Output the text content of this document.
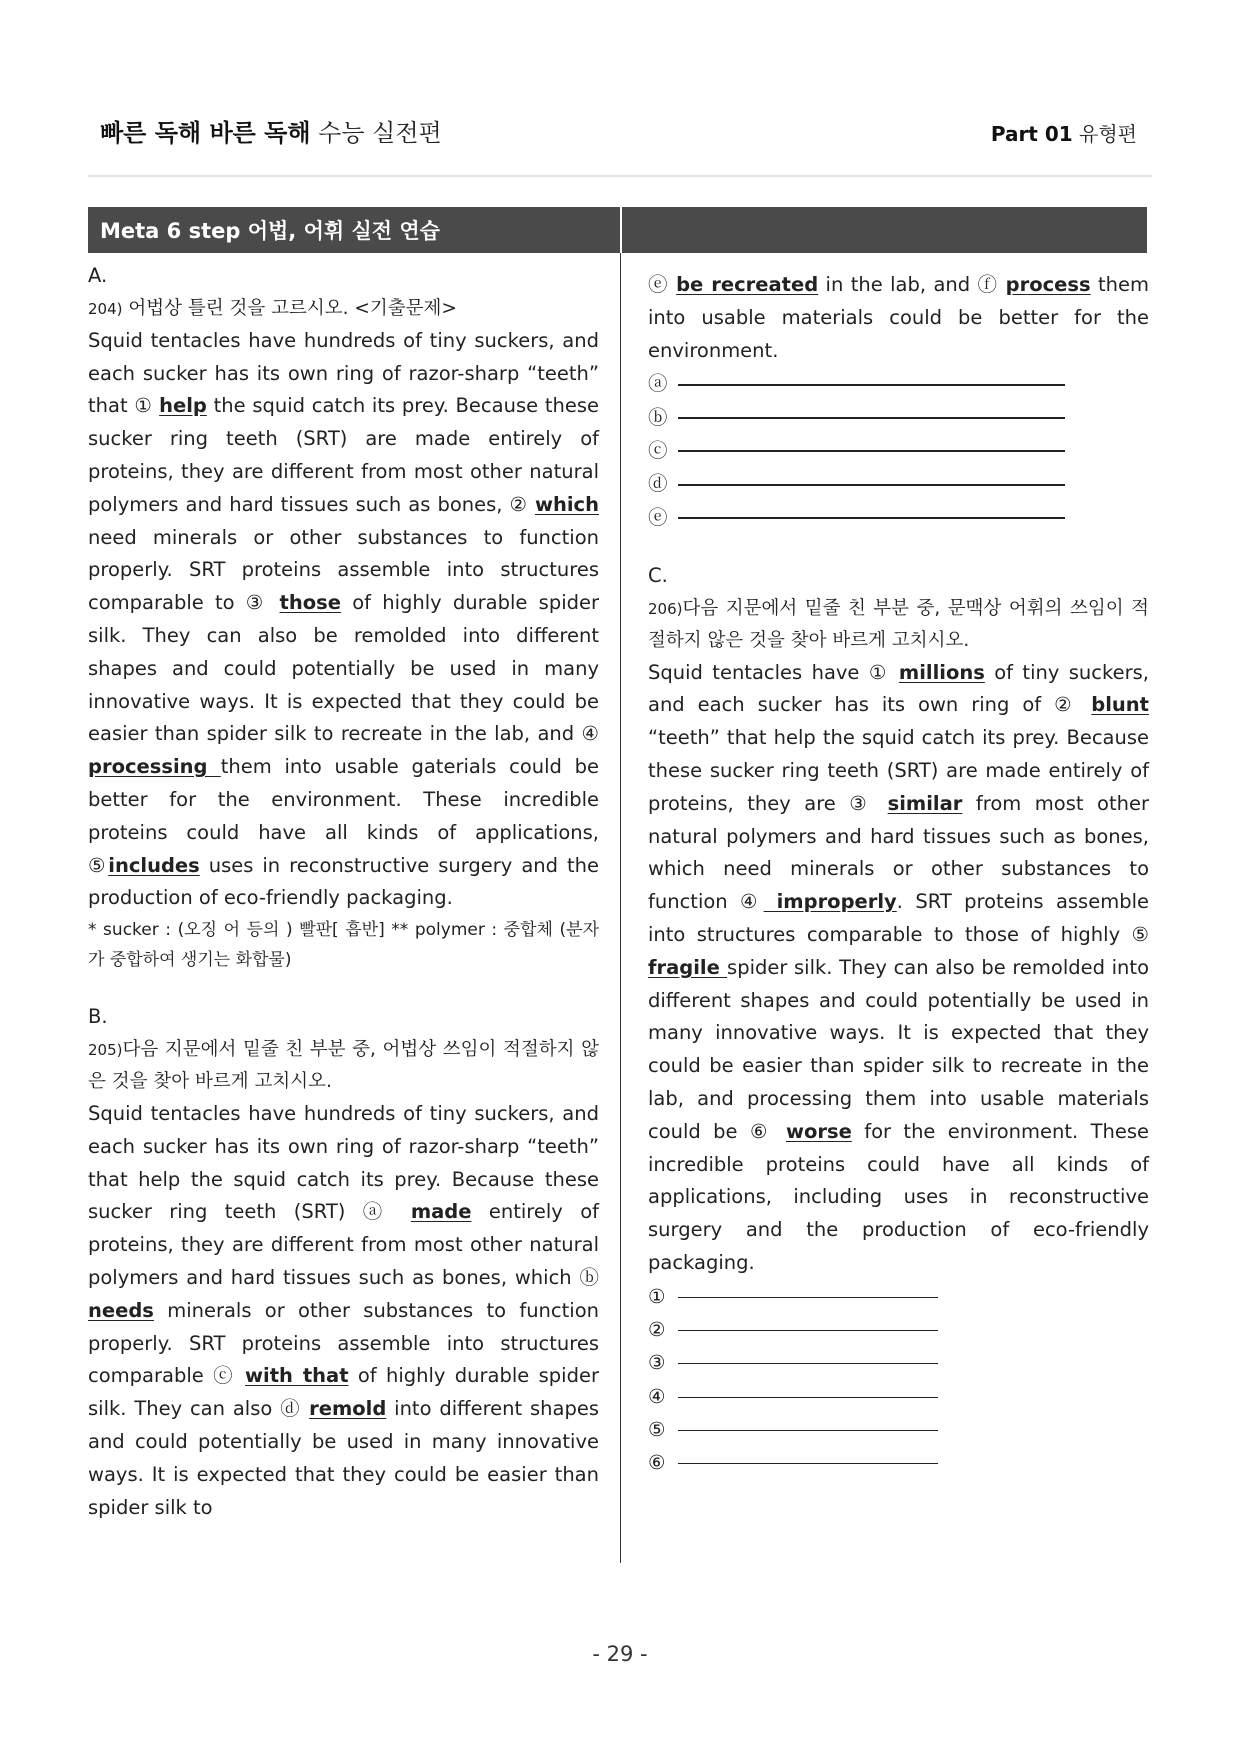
빠른 독해 바른 독해 수능 실전편	Part 01 유형편
Meta 6 step 어법, 어휘 실전 연습

A.

204) 어법상 틀린 것을 고르시오. <기출문제>

Squid tentacles have hundreds of tiny suckers, and each sucker has its own ring of razor-sharp “teeth” that ① help the squid catch its prey. Because these sucker ring teeth (SRT) are made entirely of proteins, they are different from most other natural polymers and hard tissues such as bones, ② which need minerals or other substances to function properly. SRT proteins assemble into structures comparable to ③ those of highly durable spider silk. They can also be remolded into different shapes and could potentially be used in many innovative ways. It is expected that they could be easier than spider silk to recreate in the lab, and ④ processing them into usable gaterials could be better for the environment. These incredible proteins could have all kinds of applications, ⑤includes uses in reconstructive surgery and the production of eco-friendly packaging.

* sucker : (오징 어 등의 ) 빨판[ 흡반] ** polymer : 중합체 (분자가 중합하여 생기는 화합물)

B.

205)다음 지문에서 밑줄 친 부분 중, 어법상 쓰임이 적절하지 않은 것을 찾아 바르게 고치시오.

Squid tentacles have hundreds of tiny suckers, and each sucker has its own ring of razor-sharp “teeth” that help the squid catch its prey. Because these sucker ring teeth (SRT) ⓐ made entirely of proteins, they are different from most other natural polymers and hard tissues such as bones, which ⓑ needs minerals or other substances to function properly. SRT proteins assemble into structures comparable ⓒ with that of highly durable spider silk. They can also ⓓ remold into different shapes and could potentially be used in many innovative ways. It is expected that they could be easier than spider silk to

ⓔ be recreated in the lab, and ⓕ process them into usable materials could be better for the environment.

ⓐ
ⓑ
ⓒ
ⓓ
ⓔ

C.

206)다음 지문에서 밑줄 친 부분 중, 문맥상 어휘의 쓰임이 적절하지 않은 것을 찾아 바르게 고치시오.

Squid tentacles have ① millions of tiny suckers, and each sucker has its own ring of ② blunt “teeth” that help the squid catch its prey. Because these sucker ring teeth (SRT) are made entirely of proteins, they are ③ similar from most other natural polymers and hard tissues such as bones, which need minerals or other substances to function ④ improperly. SRT proteins assemble into structures comparable to those of highly ⑤ fragile spider silk. They can also be remolded into different shapes and could potentially be used in many innovative ways. It is expected that they could be easier than spider silk to recreate in the lab, and processing them into usable materials could be ⑥ worse for the environment. These incredible proteins could have all kinds of applications, including uses in reconstructive surgery and the production of eco-friendly packaging.

①
②
③
④
⑤
⑥
- 29 -
